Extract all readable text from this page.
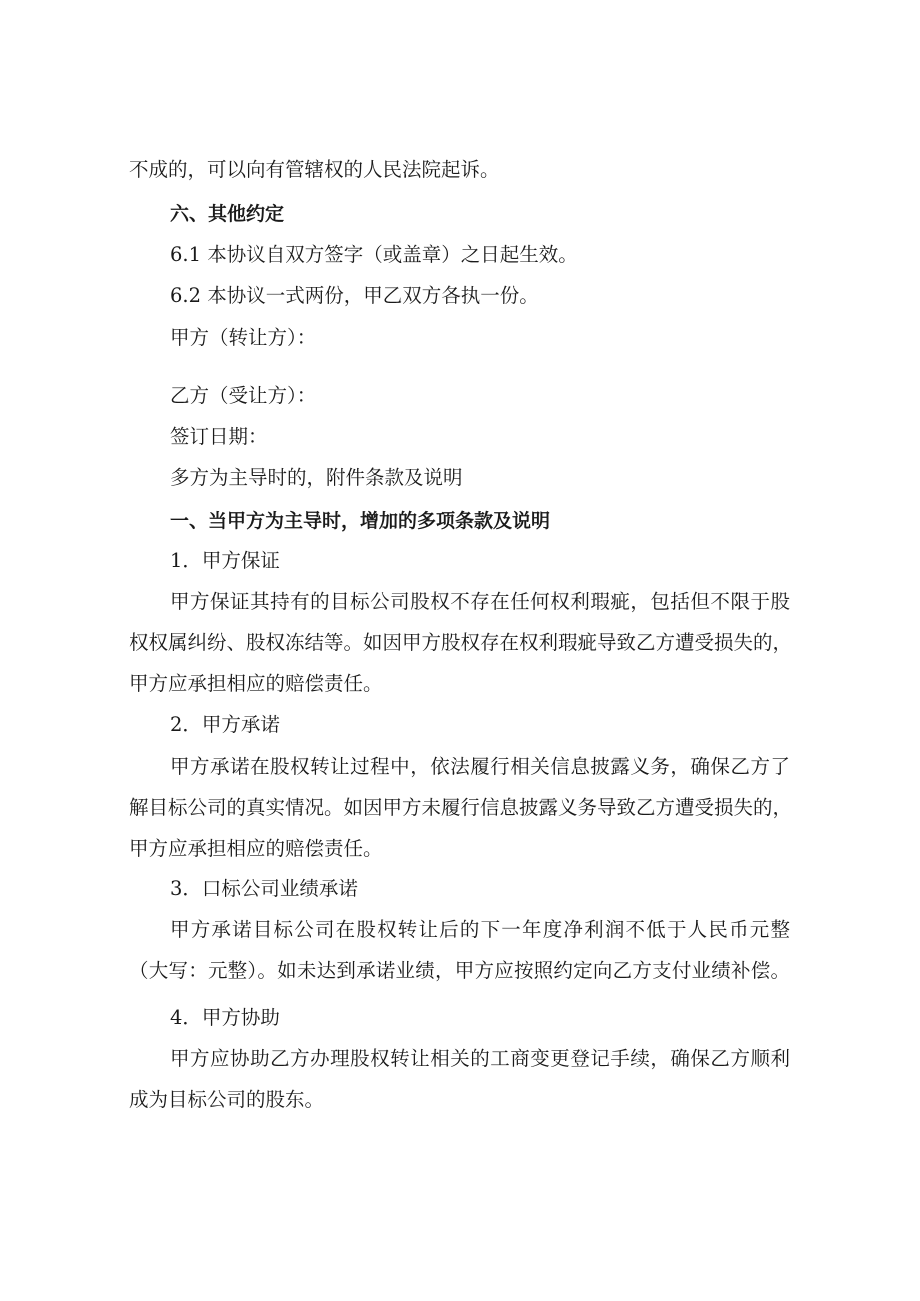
不成的，可以向有管辖权的人民法院起诉。
六、其他约定
6.1 本协议自双方签字（或盖章）之日起生效。
6.2 本协议一式两份，甲乙双方各执一份。
甲方（转让方）：
乙方（受让方）：
签订日期：
多方为主导时的，附件条款及说明
一、当甲方为主导时，增加的多项条款及说明
1．甲方保证
甲方保证其持有的目标公司股权不存在任何权利瑕疵，包括但不限于股
权权属纠纷、股权冻结等。如因甲方股权存在权利瑕疵导致乙方遭受损失的，
甲方应承担相应的赔偿责任。
2．甲方承诺
甲方承诺在股权转让过程中，依法履行相关信息披露义务，确保乙方了
解目标公司的真实情况。如因甲方未履行信息披露义务导致乙方遭受损失的，
甲方应承担相应的赔偿责任。
3．口标公司业绩承诺
甲方承诺目标公司在股权转让后的下一年度净利润不低于人民币元整
（大写：元整）。如未达到承诺业绩，甲方应按照约定向乙方支付业绩补偿。
4．甲方协助
甲方应协助乙方办理股权转让相关的工商变更登记手续，确保乙方顺利
成为目标公司的股东。
